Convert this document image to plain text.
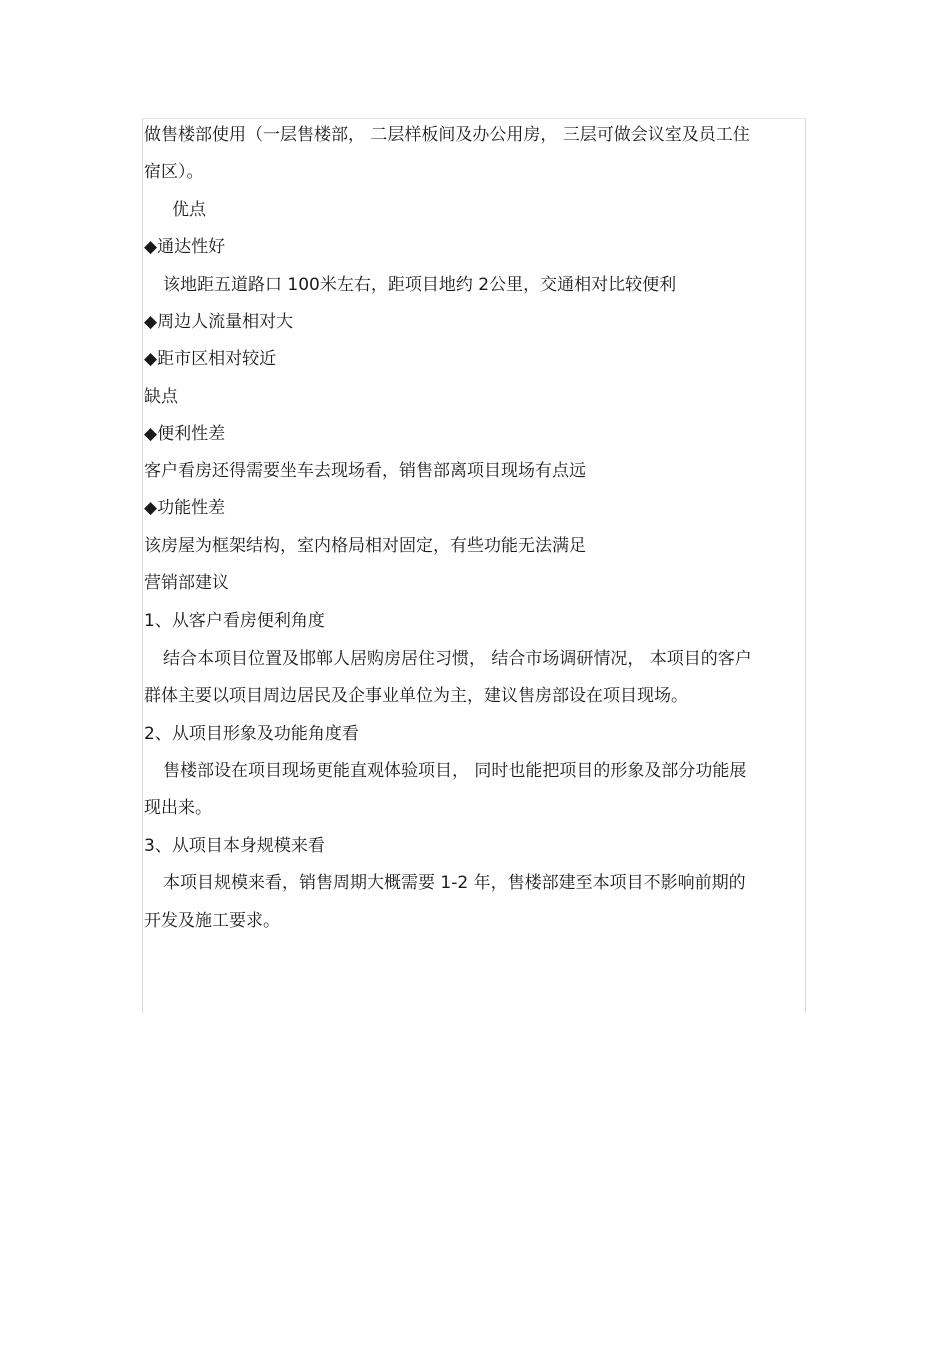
做售楼部使用（一层售楼部， 二层样板间及办公用房， 三层可做会议室及员工住
宿区）。
优点
◆通达性好
该地距五道路口 100米左右，距项目地约 2公里，交通相对比较便利
◆周边人流量相对大
◆距市区相对较近
缺点
◆便利性差
客户看房还得需要坐车去现场看，销售部离项目现场有点远
◆功能性差
该房屋为框架结构，室内格局相对固定，有些功能无法满足
营销部建议
1、从客户看房便利角度
结合本项目位置及邯郸人居购房居住习惯， 结合市场调研情况， 本项目的客户
群体主要以项目周边居民及企事业单位为主，建议售房部设在项目现场。
2、从项目形象及功能角度看
售楼部设在项目现场更能直观体验项目， 同时也能把项目的形象及部分功能展
现出来。
3、从项目本身规模来看
本项目规模来看，销售周期大概需要 1-2 年，售楼部建至本项目不影响前期的
开发及施工要求。
